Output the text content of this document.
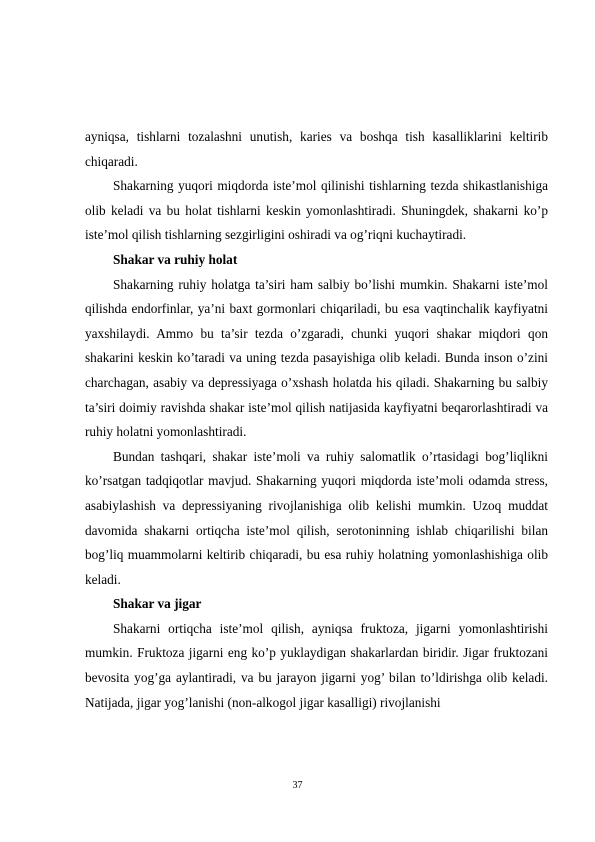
ayniqsa, tishlarni tozalashni unutish, karies va boshqa tish kasalliklarini keltirib chiqaradi.

Shakarning yuqori miqdorda iste’mol qilinishi tishlarning tezda shikastlanishiga olib keladi va bu holat tishlarni keskin yomonlashtiradi. Shuningdek, shakarni ko’p iste’mol qilish tishlarning sezgirligini oshiradi va og’riqni kuchaytiradi.

Shakar va ruhiy holat

Shakarning ruhiy holatga ta’siri ham salbiy bo’lishi mumkin. Shakarni iste’mol qilishda endorfinlar, ya’ni baxt gormonlari chiqariladi, bu esa vaqtinchalik kayfiyatni yaxshilaydi. Ammo bu ta’sir tezda o’zgaradi, chunki yuqori shakar miqdori qon shakarini keskin ko’taradi va uning tezda pasayishiga olib keladi. Bunda inson o’zini charchagan, asabiy va depressiyaga o’xshash holatda his qiladi. Shakarning bu salbiy ta’siri doimiy ravishda shakar iste’mol qilish natijasida kayfiyatni beqarorlashtiradi va ruhiy holatni yomonlashtiradi.

Bundan tashqari, shakar iste’moli va ruhiy salomatlik o’rtasidagi bog’liqlikni ko’rsatgan tadqiqotlar mavjud. Shakarning yuqori miqdorda iste’moli odamda stress, asabiylashish va depressiyaning rivojlanishiga olib kelishi mumkin. Uzoq muddat davomida shakarni ortiqcha iste’mol qilish, serotoninning ishlab chiqarilishi bilan bog’liq muammolarni keltirib chiqaradi, bu esa ruhiy holatning yomonlashishiga olib keladi.

Shakar va jigar

Shakarni ortiqcha iste’mol qilish, ayniqsa fruktoza, jigarni yomonlashtirishi mumkin. Fruktoza jigarni eng ko’p yuklaydigan shakarlardan biridir. Jigar fruktozani bevosita yog’ga aylantiradi, va bu jarayon jigarni yog’ bilan to’ldirishga olib keladi. Natijada, jigar yog’lanishi (non-alkogol jigar kasalligi) rivojlanishi

37
